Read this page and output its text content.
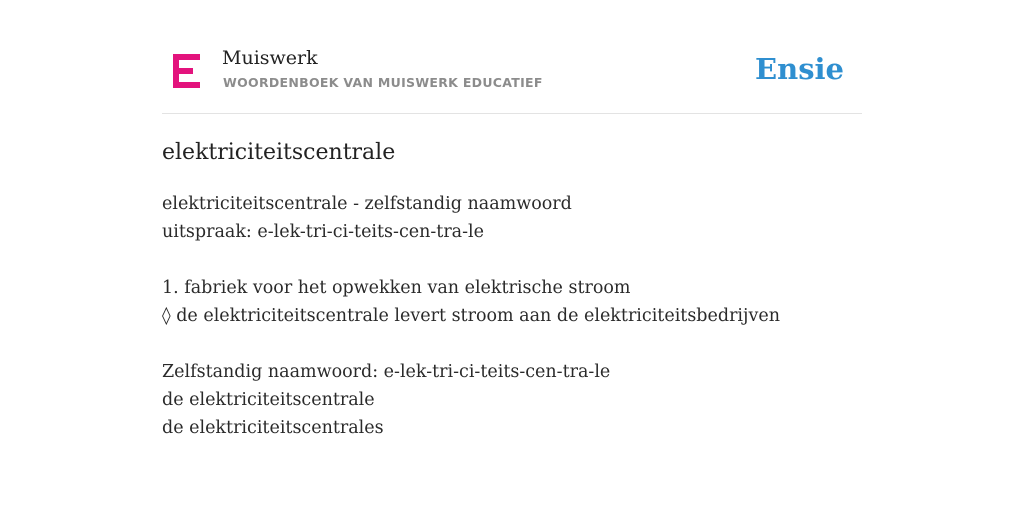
Muiswerk
WOORDENBOEK VAN MUISWERK EDUCATIEF	Ensie
elektriciteitscentrale
elektriciteitscentrale - zelfstandig naamwoord
uitspraak: e-lek-tri-ci-teits-cen-tra-le
1. fabriek voor het opwekken van elektrische stroom
◊ de elektriciteitscentrale levert stroom aan de elektriciteitsbedrijven
Zelfstandig naamwoord: e-lek-tri-ci-teits-cen-tra-le
de elektriciteitscentrale
de elektriciteitscentrales
